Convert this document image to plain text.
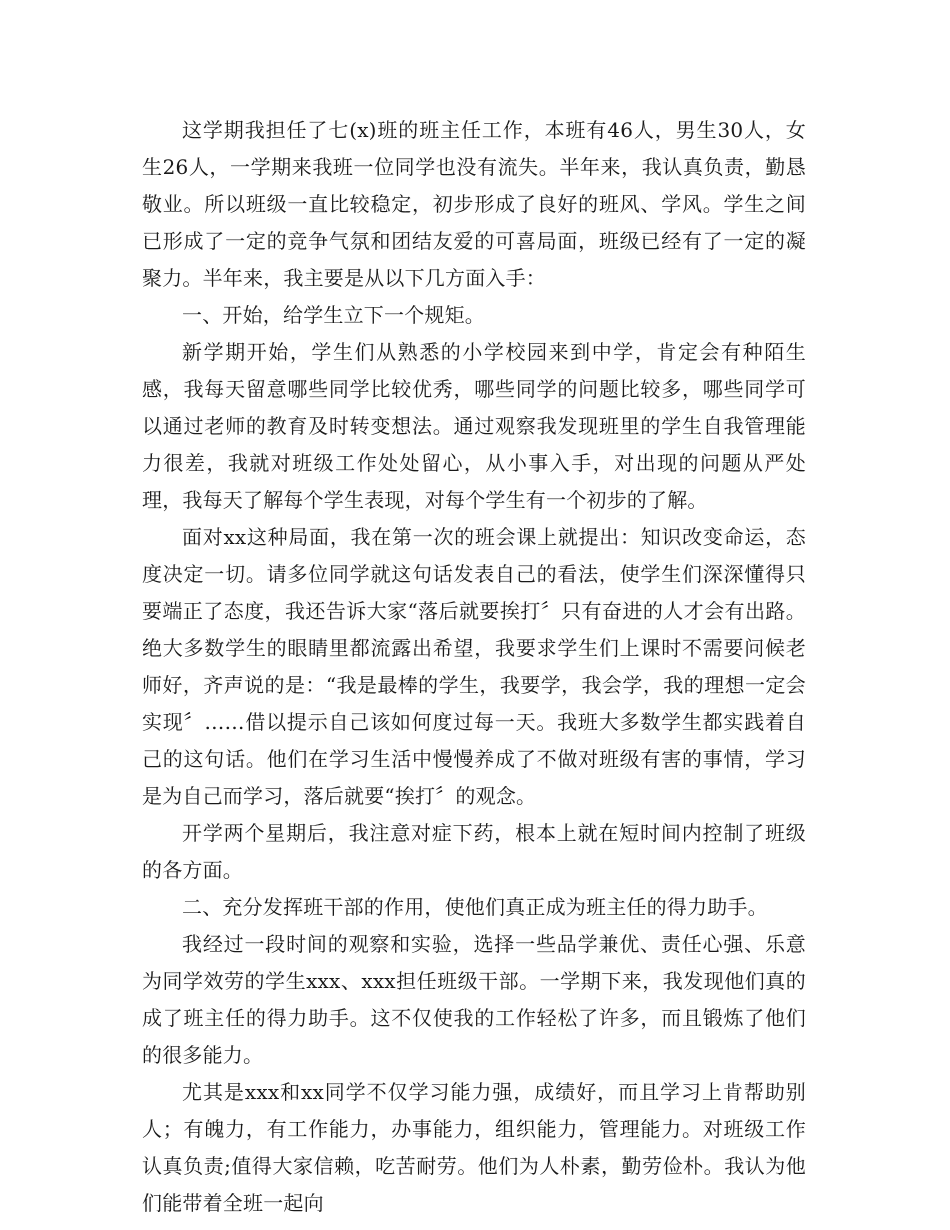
这学期我担任了七(x)班的班主任工作，本班有46人，男生30人，女生26人，一学期来我班一位同学也没有流失。半年来，我认真负责，勤恳敬业。所以班级一直比较稳定，初步形成了良好的班风、学风。学生之间已形成了一定的竞争气氛和团结友爱的可喜局面，班级已经有了一定的凝聚力。半年来，我主要是从以下几方面入手：

一、开始，给学生立下一个规矩。

新学期开始，学生们从熟悉的小学校园来到中学，肯定会有种陌生感，我每天留意哪些同学比较优秀，哪些同学的问题比较多，哪些同学可以通过老师的教育及时转变想法。通过观察我发现班里的学生自我管理能力很差，我就对班级工作处处留心，从小事入手，对出现的问题从严处理，我每天了解每个学生表现，对每个学生有一个初步的了解。

面对xx这种局面，我在第一次的班会课上就提出：知识改变命运，态度决定一切。请多位同学就这句话发表自己的看法，使学生们深深懂得只要端正了态度，我还告诉大家“落后就要挨打〞只有奋进的人才会有出路。绝大多数学生的眼睛里都流露出希望，我要求学生们上课时不需要问候老师好，齐声说的是：“我是最棒的学生，我要学，我会学，我的理想一定会实现〞……借以提示自己该如何度过每一天。我班大多数学生都实践着自己的这句话。他们在学习生活中慢慢养成了不做对班级有害的事情，学习是为自己而学习，落后就要“挨打〞的观念。

开学两个星期后，我注意对症下药，根本上就在短时间内控制了班级的各方面。

二、充分发挥班干部的作用，使他们真正成为班主任的得力助手。

我经过一段时间的观察和实验，选择一些品学兼优、责任心强、乐意为同学效劳的学生xxx、xxx担任班级干部。一学期下来，我发现他们真的成了班主任的得力助手。这不仅使我的工作轻松了许多，而且锻炼了他们的很多能力。

尤其是xxx和xx同学不仅学习能力强，成绩好，而且学习上肯帮助别人；有魄力，有工作能力，办事能力，组织能力，管理能力。对班级工作认真负责;值得大家信赖，吃苦耐劳。他们为人朴素，勤劳俭朴。我认为他们能带着全班一起向
